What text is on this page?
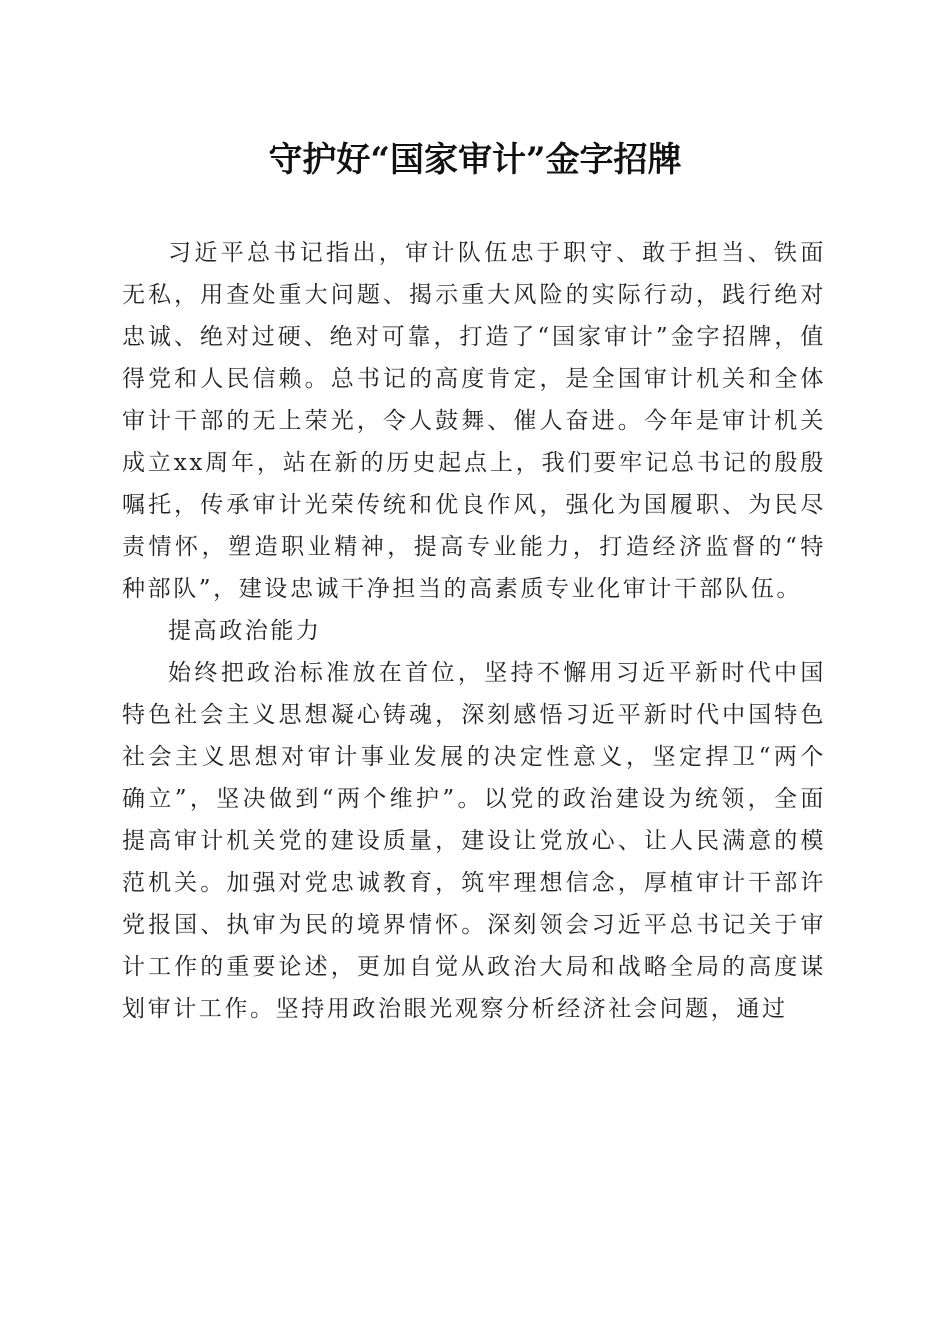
守护好“国家审计”金字招牌

习近平总书记指出，审计队伍忠于职守、敢于担当、铁面无私，用查处重大问题、揭示重大风险的实际行动，践行绝对忠诚、绝对过硬、绝对可靠，打造了“国家审计”金字招牌，值得党和人民信赖。总书记的高度肯定，是全国审计机关和全体审计干部的无上荣光，令人鼓舞、催人奋进。今年是审计机关成立xx周年，站在新的历史起点上，我们要牢记总书记的殷殷嘱托，传承审计光荣传统和优良作风，强化为国履职、为民尽责情怀，塑造职业精神，提高专业能力，打造经济监督的“特种部队”，建设忠诚干净担当的高素质专业化审计干部队伍。

提高政治能力

始终把政治标准放在首位，坚持不懈用习近平新时代中国特色社会主义思想凝心铸魂，深刻感悟习近平新时代中国特色社会主义思想对审计事业发展的决定性意义，坚定捍卫“两个确立”，坚决做到“两个维护”。以党的政治建设为统领，全面提高审计机关党的建设质量，建设让党放心、让人民满意的模范机关。加强对党忠诚教育，筑牢理想信念，厚植审计干部许党报国、执审为民的境界情怀。深刻领会习近平总书记关于审计工作的重要论述，更加自觉从政治大局和战略全局的高度谋划审计工作。坚持用政治眼光观察分析经济社会问题，通过
